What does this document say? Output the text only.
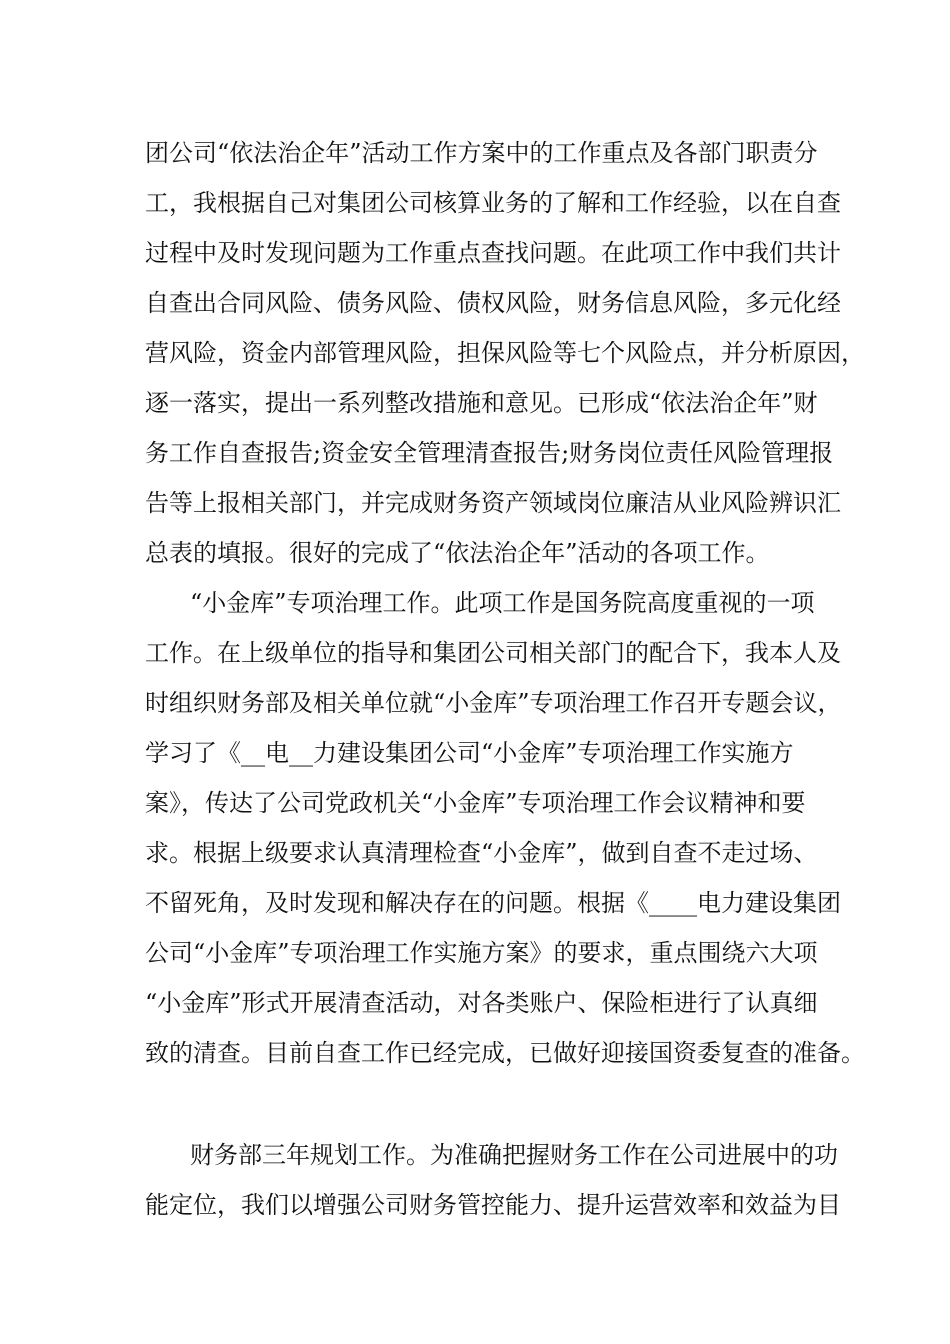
团公司“依法治企年”活动工作方案中的工作重点及各部门职责分
工，我根据自己对集团公司核算业务的了解和工作经验，以在自查
过程中及时发现问题为工作重点查找问题。在此项工作中我们共计
自查出合同风险、债务风险、债权风险，财务信息风险，多元化经
营风险，资金内部管理风险，担保风险等七个风险点，并分析原因，
逐一落实，提出一系列整改措施和意见。已形成“依法治企年”财
务工作自查报告;资金安全管理清查报告;财务岗位责任风险管理报
告等上报相关部门，并完成财务资产领域岗位廉洁从业风险辨识汇
总表的填报。很好的完成了“依法治企年”活动的各项工作。
“小金库”专项治理工作。此项工作是国务院高度重视的一项
工作。在上级单位的指导和集团公司相关部门的配合下，我本人及
时组织财务部及相关单位就“小金库”专项治理工作召开专题会议，
学习了《__电__力建设集团公司“小金库”专项治理工作实施方
案》，传达了公司党政机关“小金库”专项治理工作会议精神和要
求。根据上级要求认真清理检查“小金库”，做到自查不走过场、
不留死角，及时发现和解决存在的问题。根据《____电力建设集团
公司“小金库”专项治理工作实施方案》的要求，重点围绕六大项
“小金库”形式开展清查活动，对各类账户、保险柜进行了认真细
致的清查。目前自查工作已经完成，已做好迎接国资委复查的准备。
财务部三年规划工作。为准确把握财务工作在公司进展中的功
能定位，我们以增强公司财务管控能力、提升运营效率和效益为目
